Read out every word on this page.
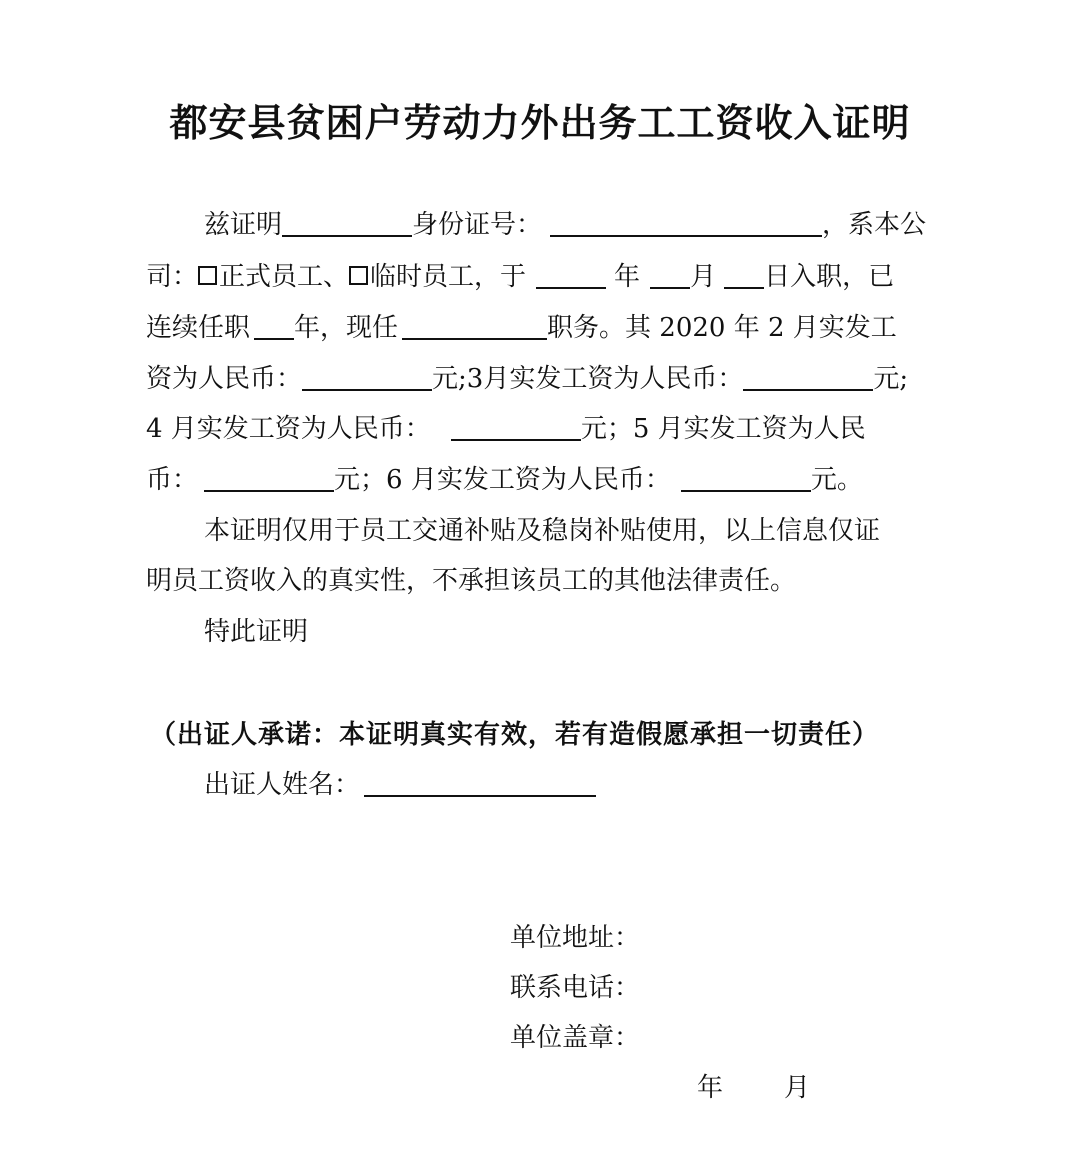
都安县贫困户劳动力外出务工工资收入证明
兹证明	身份证号：	，系本公
司： 正式员工、 临时员工，于	年 月 日入职，已
连续任职 年，现任	职务。其 2020 年 2 月实发工
资为人民币：	元;3月实发工资为人民币：	元;
4 月实发工资为人民币：	元；5 月实发工资为人民
币：	元；6 月实发工资为人民币：	元。
本证明仅用于员工交通补贴及稳岗补贴使用，以上信息仅证
明员工资收入的真实性，不承担该员工的其他法律责任。
特此证明
（出证人承诺：本证明真实有效，若有造假愿承担一切责任）
出证人姓名：
单位地址：
联系电话：
单位盖章：
年 月
